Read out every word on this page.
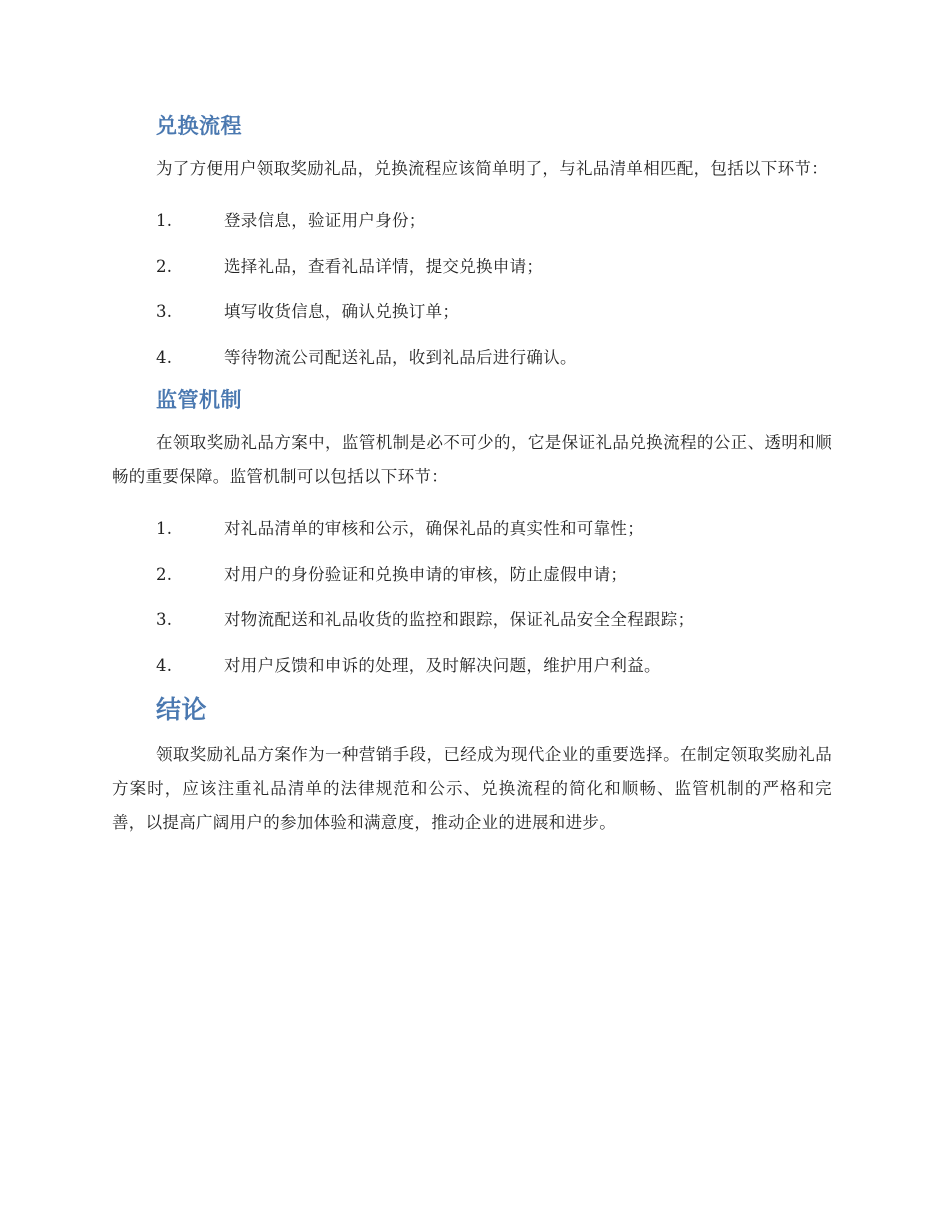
兑换流程

为了方便用户领取奖励礼品，兑换流程应该简单明了，与礼品清单相匹配，包括以下环节：

1.	登录信息，验证用户身份；
2.	选择礼品，查看礼品详情，提交兑换申请；
3.	填写收货信息，确认兑换订单；
4.	等待物流公司配送礼品，收到礼品后进行确认。
监管机制

在领取奖励礼品方案中，监管机制是必不可少的，它是保证礼品兑换流程的公正、透明和顺畅的重要保障。监管机制可以包括以下环节：

1.	对礼品清单的审核和公示，确保礼品的真实性和可靠性；
2.	对用户的身份验证和兑换申请的审核，防止虚假申请；
3.	对物流配送和礼品收货的监控和跟踪，保证礼品安全全程跟踪；
4.	对用户反馈和申诉的处理，及时解决问题，维护用户利益。
结论

领取奖励礼品方案作为一种营销手段，已经成为现代企业的重要选择。在制定领取奖励礼品方案时，应该注重礼品清单的法律规范和公示、兑换流程的简化和顺畅、监管机制的严格和完善，以提高广阔用户的参加体验和满意度，推动企业的进展和进步。
